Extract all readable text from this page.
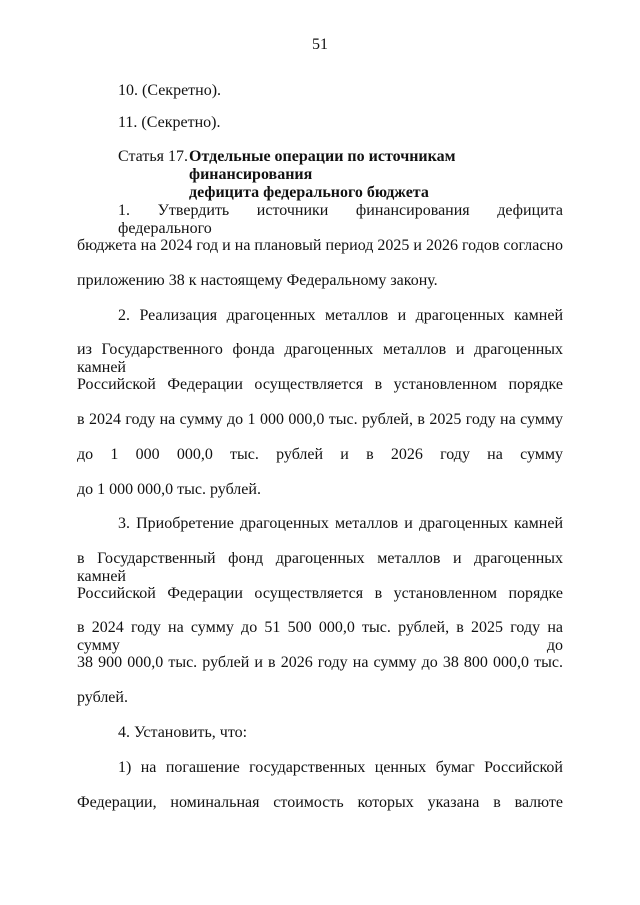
51
10. (Секретно).
11. (Секретно).
Статья 17. Отдельные операции по источникам финансирования
дефицита федерального бюджета
1. Утвердить источники финансирования дефицита федерального
бюджета на 2024 год и на плановый период 2025 и 2026 годов согласно
приложению 38 к настоящему Федеральному закону.
2. Реализация драгоценных металлов и драгоценных камней
из Государственного фонда драгоценных металлов и драгоценных камней
Российской Федерации осуществляется в установленном порядке
в 2024 году на сумму до 1 000 000,0 тыс. рублей, в 2025 году на сумму
до 1 000 000,0 тыс. рублей и в 2026 году на сумму
до 1 000 000,0 тыс. рублей.
3. Приобретение драгоценных металлов и драгоценных камней
в Государственный фонд драгоценных металлов и драгоценных камней
Российской Федерации осуществляется в установленном порядке
в 2024 году на сумму до 51 500 000,0 тыс. рублей, в 2025 году на сумму до
38 900 000,0 тыс. рублей и в 2026 году на сумму до 38 800 000,0 тыс.
рублей.
4. Установить, что:
1) на погашение государственных ценных бумаг Российской
Федерации, номинальная стоимость которых указана в валюте
